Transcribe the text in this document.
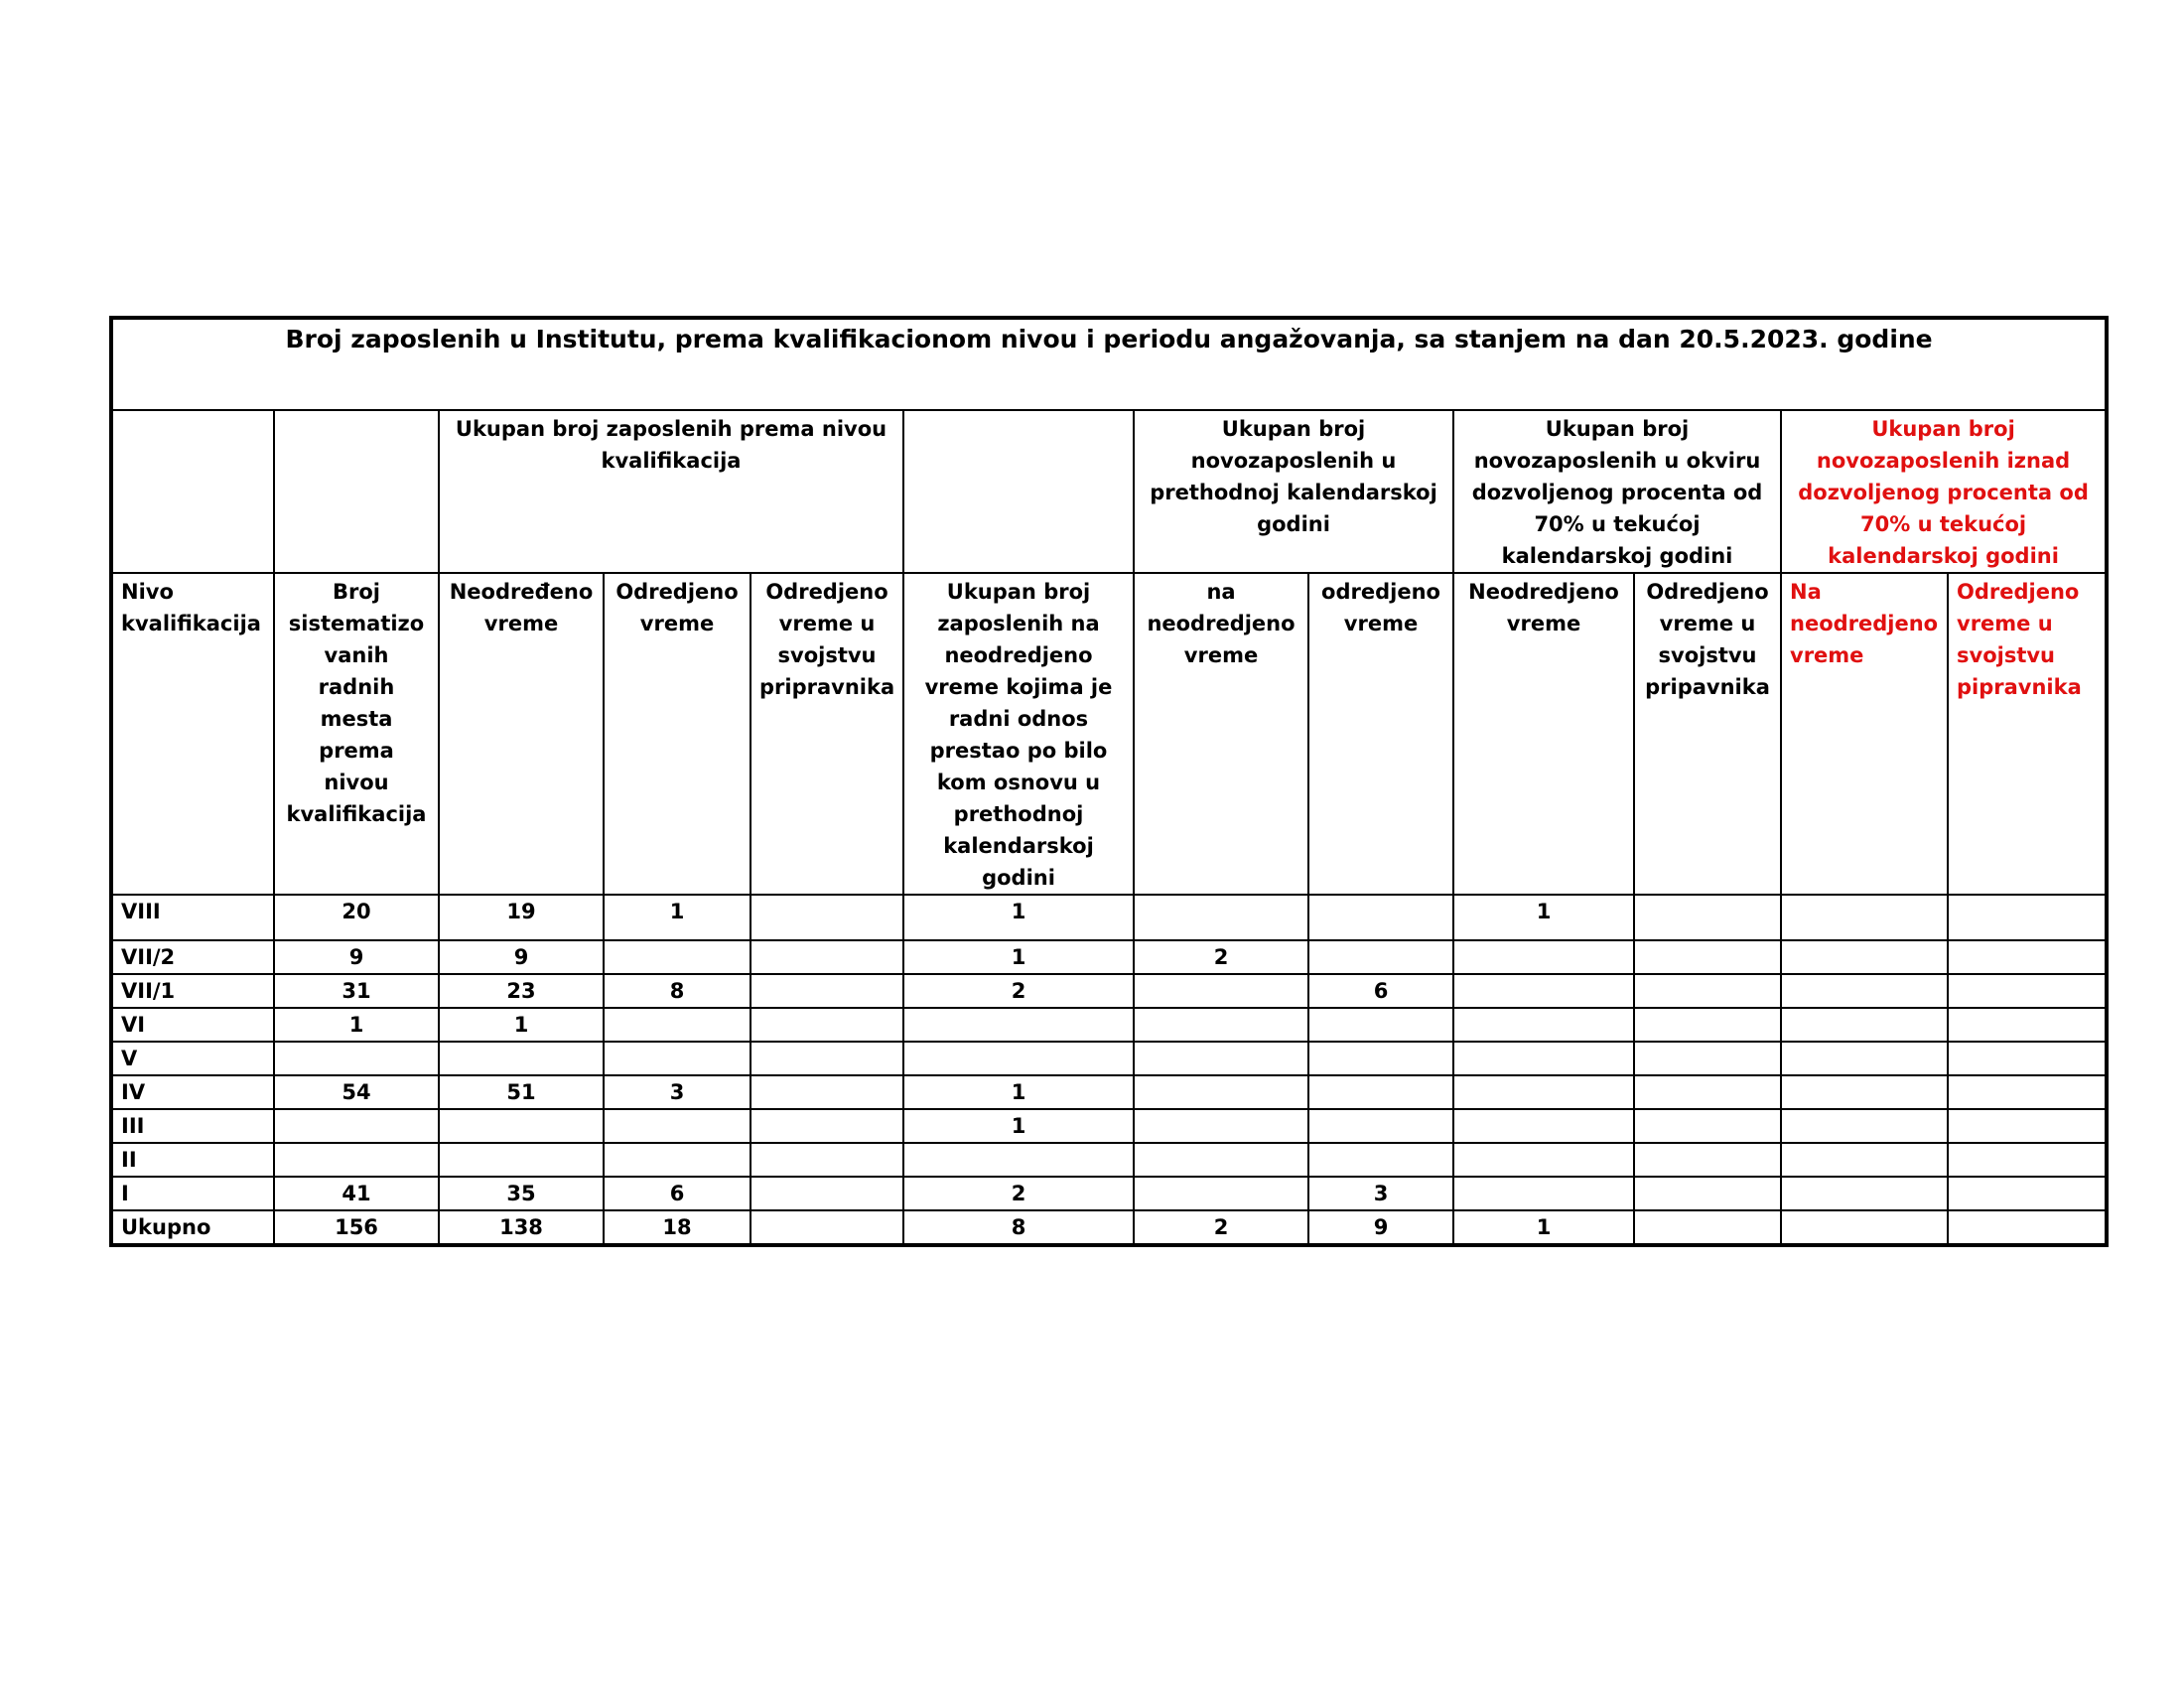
Broj zaposlenih u Institutu, prema kvalifikacionom nivou i periodu angažovanja, sa stanjem na dan 20.5.2023. godine											
		Ukupan broj zaposlenih prema nivou kvalifikacija				Ukupan broj novozaposlenih u prethodnoj kalendarskoj godini		Ukupan broj novozaposlenih u okviru dozvoljenog procenta od 70% u tekućoj kalendarskoj godini		Ukupan broj novozaposlenih iznad dozvoljenog procenta od 70% u tekućoj kalendarskoj godini	
Nivo kvalifikacija	Broj sistematizo vanih radnih mesta prema nivou kvalifikacija	Neodređeno vreme	Odredjeno vreme	Odredjeno vreme u svojstvu pripravnika	Ukupan broj zaposlenih na neodredjeno vreme kojima je radni odnos prestao po bilo kom osnovu u prethodnoj kalendarskoj godini	na neodredjeno vreme	odredjeno vreme	Neodredjeno vreme	Odredjeno vreme u svojstvu pripavnika	Na neodredjeno vreme	Odredjeno vreme u svojstvu pipravnika
VIII	20	19	1		1			1			
VII/2	9	9			1	2					
VII/1	31	23	8		2		6				
VI	1	1									
V											
IV	54	51	3		1						
III					1						
II											
I	41	35	6		2		3				
Ukupno	156	138	18		8	2	9	1			
